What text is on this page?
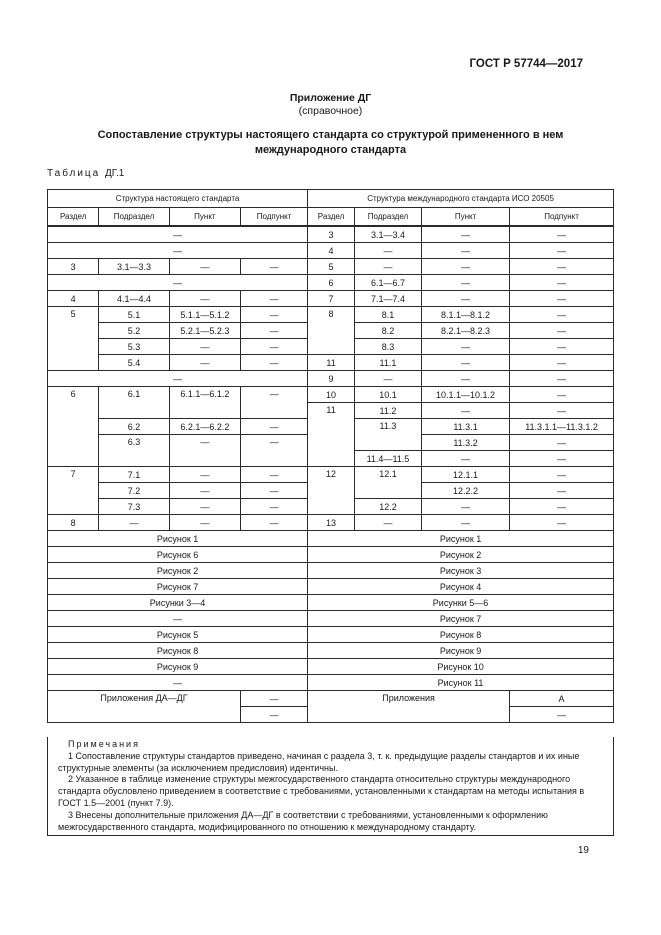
ГОСТ Р 57744—2017
Приложение ДГ
(справочное)
Сопоставление структуры настоящего стандарта со структурой примененного в нем
международного стандарта
Таблица ДГ.1
Структура настоящего стандарта				Структура международного стандарта ИСО 20505			
Раздел	Подраздел	Пункт	Подпункт	Раздел	Подраздел	Пункт	Подпункт
—				3	3.1—3.4	—	—
—				4	—	—	—
3	3.1—3.3	—	—	5	—	—	—
—				6	6.1—6.7	—	—
4	4.1—4.4	—	—	7	7.1—7.4	—	—
5	5.1	5.1.1—5.1.2	—	8	8.1	8.1.1—8.1.2	—
	5.2	5.2.1—5.2.3	—		8.2	8.2.1—8.2.3	—
	5.3	—	—		8.3	—	—
	5.4	—	—	11	11.1	—	—
—				9	—	—	—
6	6.1	6.1.1—6.1.2	—	10	10.1	10.1.1—10.1.2	—
				11	11.2	—	—
	6.2	6.2.1—6.2.2	—		11.3	11.3.1	11.3.1.1—11.3.1.2
	6.3	—	—			11.3.2	—
					11.4—11.5	—	—
7	7.1	—	—	12	12.1	12.1.1	—
	7.2	—	—			12.2.2	—
	7.3	—	—		12.2	—	—
8	—	—	—	13	—	—	—
Рисунок 1				Рисунок 1			
Рисунок 6				Рисунок 2			
Рисунок 2				Рисунок 3			
Рисунок 7				Рисунок 4			
Рисунки 3—4				Рисунки 5—6			
—				Рисунок 7			
Рисунок 5				Рисунок 8			
Рисунок 8				Рисунок 9			
Рисунок 9				Рисунок 10			
—				Рисунок 11			
Приложения ДА—ДГ			—	Приложения			А
			—				—
Примечания

1 Сопоставление структуры стандартов приведено, начиная с раздела 3, т. к. предыдущие разделы стандартов и их иные структурные элементы (за исключением предисловия) идентичны.

2 Указанное в таблице изменение структуры межгосударственного стандарта относительно структуры международного стандарта обусловлено приведением в соответствие с требованиями, установленными к стандартам на методы испытания в ГОСТ 1.5—2001 (пункт 7.9).

3 Внесены дополнительные приложения ДА—ДГ в соответствии с требованиями, установленными к оформлению межгосударственного стандарта, модифицированного по отношению к международному стандарту.

19
